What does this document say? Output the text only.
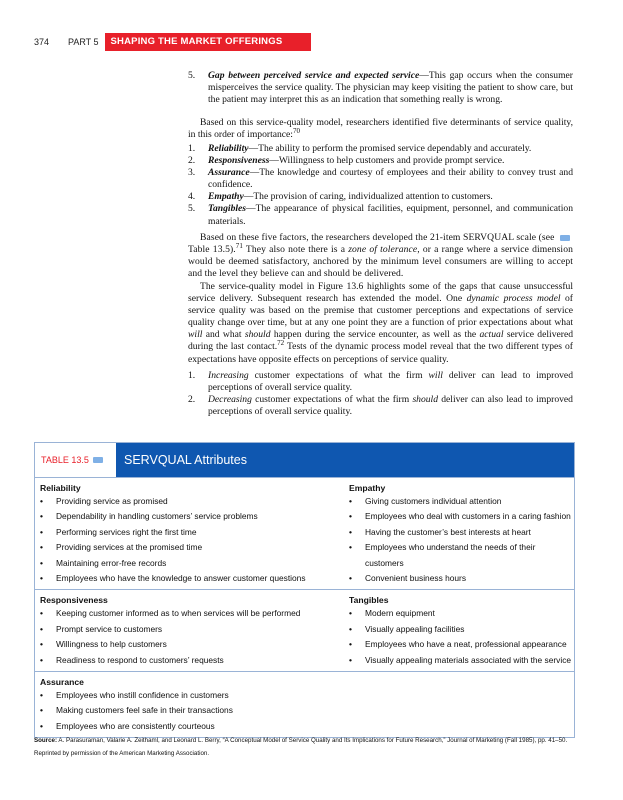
374	PART 5	SHAPING THE MARKET OFFERINGS
5.	Gap between perceived service and expected service—This gap occurs when the consumer misperceives the service quality. The physician may keep visiting the patient to show care, but the patient may interpret this as an indication that something really is wrong.

Based on this service-quality model, researchers identified five determinants of service quality, in this order of importance:$^{70}$

1.	Reliability—The ability to perform the promised service dependably and accurately.
2.	Responsiveness—Willingness to help customers and provide prompt service.
3.	Assurance—The knowledge and courtesy of employees and their ability to convey trust and confidence.
4.	Empathy—The provision of caring, individualized attention to customers.
5.	Tangibles—The appearance of physical facilities, equipment, personnel, and communication materials.

Based on these five factors, the researchers developed the 21-item SERVQUAL scale (see  Table 13.5).$^{71}$ They also note there is a zone of tolerance, or a range where a service dimension would be deemed satisfactory, anchored by the minimum level consumers are willing to accept and the level they believe can and should be delivered.

The service-quality model in Figure 13.6 highlights some of the gaps that cause unsuccessful service delivery. Subsequent research has extended the model. One dynamic process model of service quality was based on the premise that customer perceptions and expectations of service quality change over time, but at any one point they are a function of prior expectations about what will and what should happen during the service encounter, as well as the actual service delivered during the last contact.$^{72}$ Tests of the dynamic process model reveal that the two different types of expectations have opposite effects on perceptions of service quality.

1.	Increasing customer expectations of what the firm will deliver can lead to improved perceptions of overall service quality.
2.	Decreasing customer expectations of what the firm should deliver can also lead to improved perceptions of overall service quality.
TABLE 13.5	SERVQUAL Attributes
Reliability
•	Providing service as promised
•	Dependability in handling customers’ service problems
•	Performing services right the first time
•	Providing services at the promised time
•	Maintaining error-free records
•	Employees who have the knowledge to answer customer questions
Empathy
•	Giving customers individual attention
•	Employees who deal with customers in a caring fashion
•	Having the customer’s best interests at heart
•	Employees who understand the needs of their customers
•	Convenient business hours
Responsiveness
•	Keeping customer informed as to when services will be performed
•	Prompt service to customers
•	Willingness to help customers
•	Readiness to respond to customers’ requests
Tangibles
•	Modern equipment
•	Visually appealing facilities
•	Employees who have a neat, professional appearance
•	Visually appealing materials associated with the service
Assurance
•	Employees who instill confidence in customers
•	Making customers feel safe in their transactions
•	Employees who are consistently courteous
Source: A. Parasuraman, Valarie A. Zeithaml, and Leonard L. Berry, “A Conceptual Model of Service Quality and Its Implications for Future Research,” Journal of Marketing (Fall 1985), pp. 41–50. Reprinted by permission of the American Marketing Association.
